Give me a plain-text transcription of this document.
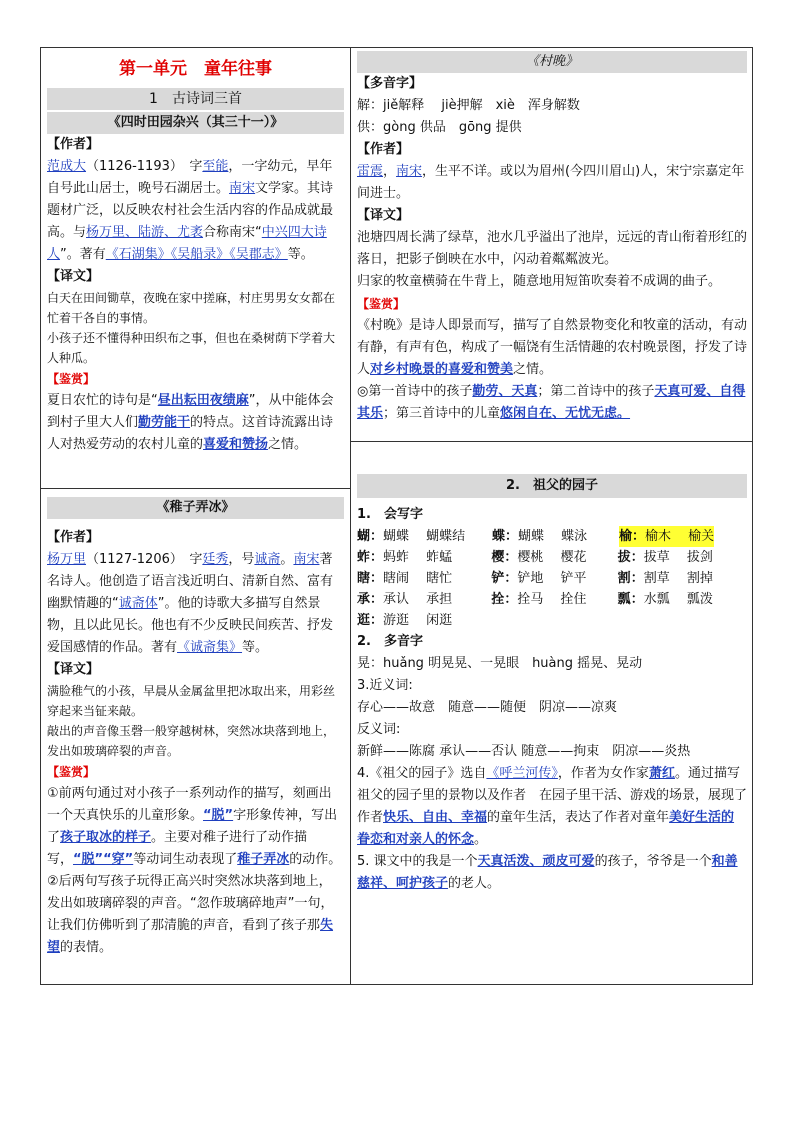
第一单元　童年往事

1　古诗词三首

《四时田园杂兴（其三十一）》

【作者】

范成大（1126-1193）　字至能，一字幼元，早年自号此山居士，晚号石湖居士。南宋文学家。其诗题材广泛，以反映农村社会生活内容的作品成就最高。与杨万里、陆游、尤袤合称南宋“中兴四大诗人”。著有《石湖集》《吴船录》《吴郡志》等。

【译文】

白天在田间锄草，夜晚在家中搓麻，村庄男男女女都在忙着干各自的事情。

小孩子还不懂得种田织布之事，但也在桑树荫下学着大人种瓜。

【鉴赏】

夏日农忙的诗句是“昼出耘田夜绩麻”，从中能体会到村子里大人们勤劳能干的特点。这首诗流露出诗人对热爱劳动的农村儿童的喜爱和赞扬之情。

《稚子弄冰》

【作者】

杨万里（1127-1206）　字廷秀，号诚斋。南宋著名诗人。他创造了语言浅近明白、清新自然、富有幽默情趣的“诚斋体”。他的诗歌大多描写自然景物，且以此见长。他也有不少反映民间疾苦、抒发爱国感情的作品。著有《诚斋集》等。

【译文】

满脸稚气的小孩，早晨从金属盆里把冰取出来，用彩丝穿起来当钲来敲。

敲出的声音像玉磬一般穿越树林，突然冰块落到地上，发出如玻璃碎裂的声音。

【鉴赏】

①前两句通过对小孩子一系列动作的描写，刻画出一个天真快乐的儿童形象。“脱”字形象传神，写出了孩子取冰的样子。主要对稚子进行了动作描写，“脱”“穿”等动词生动表现了稚子弄冰的动作。

②后两句写孩子玩得正高兴时突然冰块落到地上，发出如玻璃碎裂的声音。“忽作玻璃碎地声”一句，让我们仿佛听到了那清脆的声音，看到了孩子那失望的表情。

《村晚》

【多音字】

解：jiě解释　 jiè押解　xiè　浑身解数

供：gòng 供品　gōng 提供

【作者】

雷震，南宋，生平不详。或以为眉州(今四川眉山)人，宋宁宗嘉定年间进士。

【译文】

池塘四周长满了绿草，池水几乎溢出了池岸，远远的青山衔着形红的落日，把影子倒映在水中，闪动着粼粼波光。

归家的牧童横骑在牛背上，随意地用短笛吹奏着不成调的曲子。

【鉴赏】

《村晚》是诗人即景而写，描写了自然景物变化和牧童的活动，有动有静，有声有色，构成了一幅饶有生活情趣的农村晚景图，抒发了诗人对乡村晚景的喜爱和赞美之情。

◎第一首诗中的孩子勤劳、天真；第二首诗中的孩子天真可爱、自得其乐；第三首诗中的儿童悠闲自在、无忧无虑。

2.　祖父的园子

1.　会写字

蝴：蝴蝶　 蝴蝶结	蝶：蝴蝶　 蝶泳	榆：榆木　 榆关
蚱：蚂蚱　 蚱蜢	樱：樱桃　 樱花	拔：拔草　 拔剑
瞎：瞎闹　 瞎忙	铲：铲地　 铲平	割：割草　 割掉
承：承认　 承担	拴：拴马　 拴住	瓢：水瓢　 瓢泼
逛：游逛　 闲逛

2.　多音字

晃：huǎng 明晃晃、一晃眼　huàng 摇晃、晃动

3.近义词:

存心——故意　随意——随便　阴凉——凉爽

反义词:

新鲜——陈腐 承认——否认 随意——拘束　阴凉——炎热

4.《祖父的园子》选自《呼兰河传》，作者为女作家萧红。通过描写祖父的园子里的景物以及作者　在园子里干活、游戏的场景，展现了作者快乐、自由、幸福的童年生活，表达了作者对童年美好生活的眷恋和对亲人的怀念。

5. 课文中的我是一个天真活泼、顽皮可爱的孩子，爷爷是一个和善慈祥、呵护孩子的老人。
